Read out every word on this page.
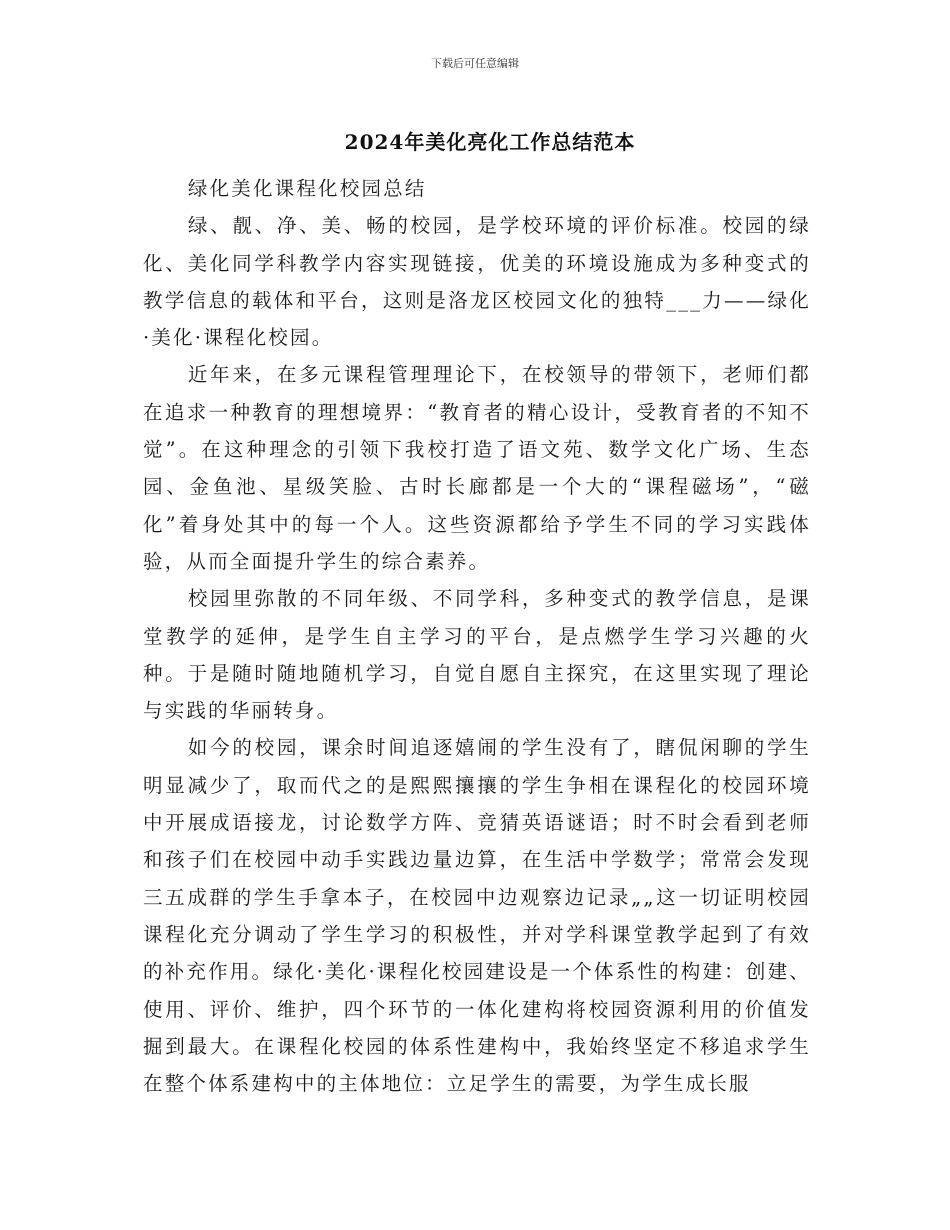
下载后可任意编辑
2024年美化亮化工作总结范本

绿化美化课程化校园总结

绿、靓、净、美、畅的校园，是学校环境的评价标准。校园的绿化、美化同学科教学内容实现链接，优美的环境设施成为多种变式的教学信息的载体和平台，这则是洛龙区校园文化的独特___力——绿化·美化·课程化校园。

近年来，在多元课程管理理论下，在校领导的带领下，老师们都在追求一种教育的理想境界：“教育者的精心设计，受教育者的不知不觉”。在这种理念的引领下我校打造了语文苑、数学文化广场、生态园、金鱼池、星级笑脸、古时长廊都是一个大的“课程磁场”，“磁化”着身处其中的每一个人。这些资源都给予学生不同的学习实践体验，从而全面提升学生的综合素养。

校园里弥散的不同年级、不同学科，多种变式的教学信息，是课堂教学的延伸，是学生自主学习的平台，是点燃学生学习兴趣的火种。于是随时随地随机学习，自觉自愿自主探究，在这里实现了理论与实践的华丽转身。

如今的校园，课余时间追逐嬉闹的学生没有了，瞎侃闲聊的学生明显减少了，取而代之的是熙熙攘攘的学生争相在课程化的校园环境中开展成语接龙，讨论数学方阵、竞猜英语谜语；时不时会看到老师和孩子们在校园中动手实践边量边算，在生活中学数学；常常会发现三五成群的学生手拿本子，在校园中边观察边记录„„这一切证明校园课程化充分调动了学生学习的积极性，并对学科课堂教学起到了有效的补充作用。绿化·美化·课程化校园建设是一个体系性的构建：创建、使用、评价、维护，四个环节的一体化建构将校园资源利用的价值发掘到最大。在课程化校园的体系性建构中，我始终坚定不移追求学生在整个体系建构中的主体地位：立足学生的需要，为学生成长服
